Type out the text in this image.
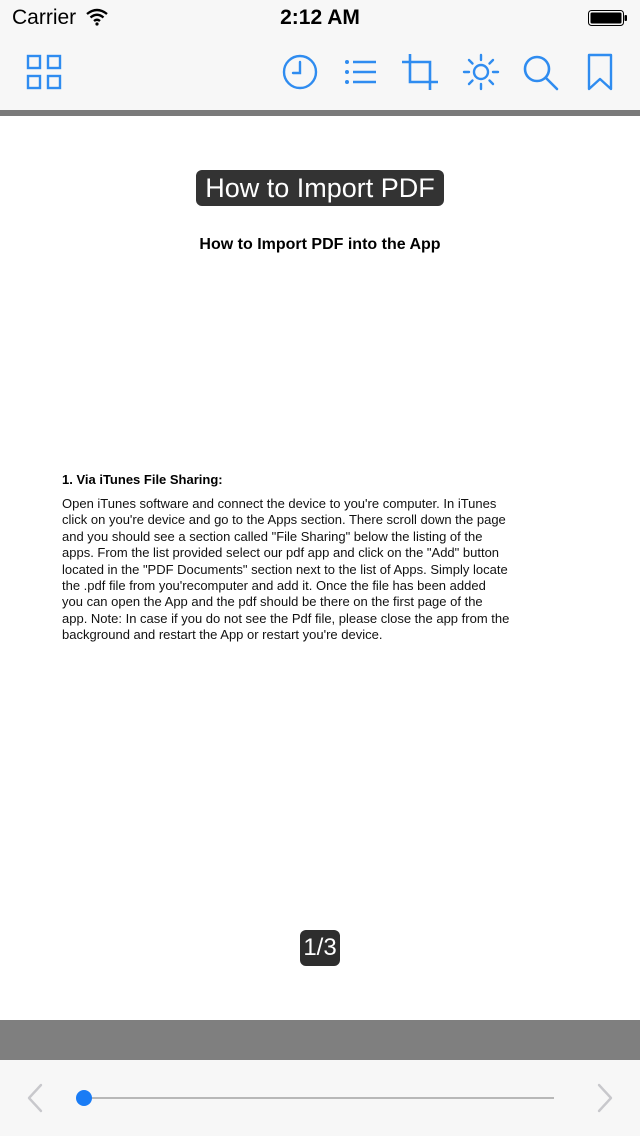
Carrier	2:12 AM
How to Import PDF
How to Import PDF into the App
1. Via iTunes File Sharing:
Open iTunes software and connect the device to you're computer. In iTunes
click on you're device and go to the Apps section. There scroll down the page
and you should see a section called "File Sharing" below the listing of the
apps. From the list provided select our pdf app and click on the "Add" button
located in the "PDF Documents" section next to the list of Apps. Simply locate
the .pdf file from you'recomputer and add it. Once the file has been added
you can open the App and the pdf should be there on the first page of the
app. Note: In case if you do not see the Pdf file, please close the app from the
background and restart the App or restart you're device.
1/3
